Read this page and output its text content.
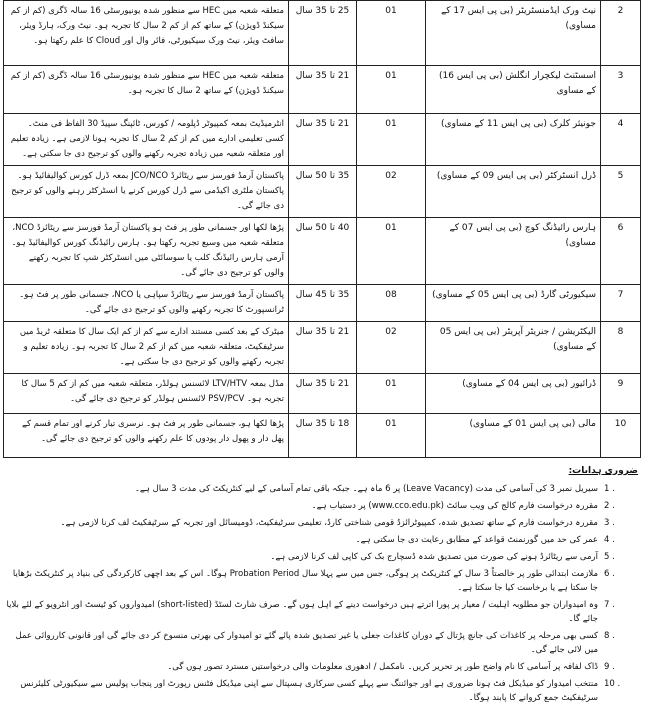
متعلقہ شعبہ میں HEC سے منظور شدہ یونیورسٹی 16 سالہ ڈگری (کم از کم سیکنڈ ڈویژن) کے ساتھ کم از کم 2 سال کا تجربہ ہو۔ نیٹ ورک، ہارڈ ویئر، سافٹ ویئر، نیٹ ورک سیکیورٹی، فائر وال اور Cloud کا علم رکھتا ہو۔	25 تا 35 سال	01	نیٹ ورک ایڈمنسٹریٹر (بی پی ایس 17 کے مساوی)	2
متعلقہ شعبہ میں HEC سے منظور شدہ یونیورسٹی 16 سالہ ڈگری (کم از کم سیکنڈ ڈویژن) کے ساتھ 2 سال کا تجربہ ہو۔	21 تا 35 سال	01	اسسٹنٹ لیکچرار انگلش (بی پی ایس 16) کے مساوی	3
انٹرمیڈیٹ بمعہ کمپیوٹر ڈپلومہ / کورس، ٹائپنگ سپیڈ 30 الفاظ فی منٹ۔ کسی تعلیمی ادارے میں کم از کم 2 سال کا تجربہ ہونا لازمی ہے۔ زیادہ تعلیم اور متعلقہ شعبہ میں زیادہ تجربہ رکھنے والوں کو ترجیح دی جا سکتی ہے۔	21 تا 35 سال	01	جونیئر کلرک (بی پی ایس 11 کے مساوی)	4
پاکستان آرمڈ فورسز سے ریٹائرڈ JCO/NCO بمعہ ڈرل کورس کوالیفائیڈ ہو۔ پاکستان ملٹری اکیڈمی سے ڈرل کورس کرنے یا انسٹرکٹر رہنے والوں کو ترجیح دی جائے گی۔	35 تا 50 سال	02	ڈرل انسٹرکٹر (بی پی ایس 09 کے مساوی)	5
پڑھا لکھا اور جسمانی طور پر فٹ ہو پاکستان آرمڈ فورسز سے ریٹائرڈ NCO، متعلقہ شعبہ میں وسیع تجربہ رکھتا ہو۔ ہارس رائیڈنگ کورس کوالیفائیڈ ہو۔ آرمی ہارس رائیڈنگ کلب یا سوسائٹی میں انسٹرکٹر شپ کا تجربہ رکھنے والوں کو ترجیح دی جائے گی۔	40 تا 50 سال	01	ہارس رائیڈنگ کوچ (بی پی ایس 07 کے مساوی)	6
پاکستان آرمڈ فورسز سے ریٹائرڈ سپاہی یا NCO، جسمانی طور پر فٹ ہو۔ ٹرانسپورٹ کا تجربہ رکھنے والوں کو ترجیح دی جائے گی۔	35 تا 45 سال	08	سیکیورٹی گارڈ (بی پی ایس 05 کے مساوی)	7
میٹرک کے بعد کسی مستند ادارے سے کم از کم ایک سال کا متعلقہ ٹریڈ میں سرٹیفکیٹ، متعلقہ شعبہ میں کم از کم 2 سال کا تجربہ ہو۔ زیادہ تعلیم و تجربہ رکھنے والوں کو ترجیح دی جا سکتی ہے۔	21 تا 35 سال	02	الیکٹریشن / جنریٹر آپریٹر (بی پی ایس 05 کے مساوی)	8
مڈل بمعہ LTV/HTV لائسنس ہولڈر، متعلقہ شعبہ میں کم از کم 5 سال کا تجربہ ہو۔ PSV/PCV لائسنس ہولڈر کو ترجیح دی جائے گی۔	21 تا 35 سال	01	ڈرائیور (بی پی ایس 04 کے مساوی)	9
پڑھا لکھا ہو، جسمانی طور پر فٹ ہو۔ نرسری تیار کرنے اور تمام قسم کے پھل دار و پھول دار پودوں کا علم رکھنے والوں کو ترجیح دی جائے گی۔	18 تا 35 سال	01	مالی (بی پی ایس 01 کے مساوی)	10
ضروری ہدایات:
1 .
سیریل نمبر 3 کی آسامی کی مدت (Leave Vacancy) پر 6 ماہ ہے۔ جبکہ باقی تمام آسامی کے لیے کنٹریکٹ کی مدت 3 سال ہے۔
2 .
مقررہ درخواست فارم کالج کی ویب سائٹ (www.cco.edu.pk) پر دستیاب ہے۔
3 .
مقررہ درخواست فارم کے ساتھ تصدیق شدہ، کمپیوٹرائزڈ قومی شناختی کارڈ، تعلیمی سرٹیفکیٹ، ڈومیسائل اور تجربہ کے سرٹیفکیٹ لف کرنا لازمی ہے۔
4 .
عمر کی حد میں گورنمنٹ قواعد کے مطابق رعایت دی جا سکتی ہے۔
5 .
آرمی سے ریٹائرڈ ہونے کی صورت میں تصدیق شدہ ڈسچارج بک کی کاپی لف کرنا لازمی ہے۔
6 .
ملازمت ابتدائی طور پر خالصتاً 3 سال کے کنٹریکٹ پر ہوگی، جس میں سے پہلا سال Probation Period ہوگا۔ اس کے بعد اچھی کارکردگی کی بنیاد پر کنٹریکٹ بڑھایا جا سکتا ہے یا برخاست کیا جا سکتا ہے۔
7 .
وہ امیدواران جو مطلوبہ اہلیت / معیار پر پورا اترتے ہیں درخواست دینے کے اہل ہوں گے۔ صرف شارٹ لسٹڈ (short-listed) امیدواروں کو ٹیسٹ اور انٹرویو کے لئے بلایا جائے گا۔
8 .
کسی بھی مرحلہ پر کاغذات کی جانچ پڑتال کے دوران کاغذات جعلی یا غیر تصدیق شدہ پائے گئے تو امیدوار کی بھرتی منسوخ کر دی جائے گی اور قانونی کارروائی عمل میں لائی جائے گی۔
9 .
ڈاک لفافہ پر آسامی کا نام واضح طور پر تحریر کریں۔ نامکمل / ادھوری معلومات والی درخواستیں مسترد تصور ہوں گی۔
10 .
منتخب امیدوار کو میڈیکل فٹ ہونا ضروری ہے اور جوائننگ سے پہلے کسی سرکاری ہسپتال سے اپنی میڈیکل فٹنس رپورٹ اور پنجاب پولیس سے سیکیورٹی کلیئرنس سرٹیفکیٹ جمع کروانے کا پابند ہوگا۔
